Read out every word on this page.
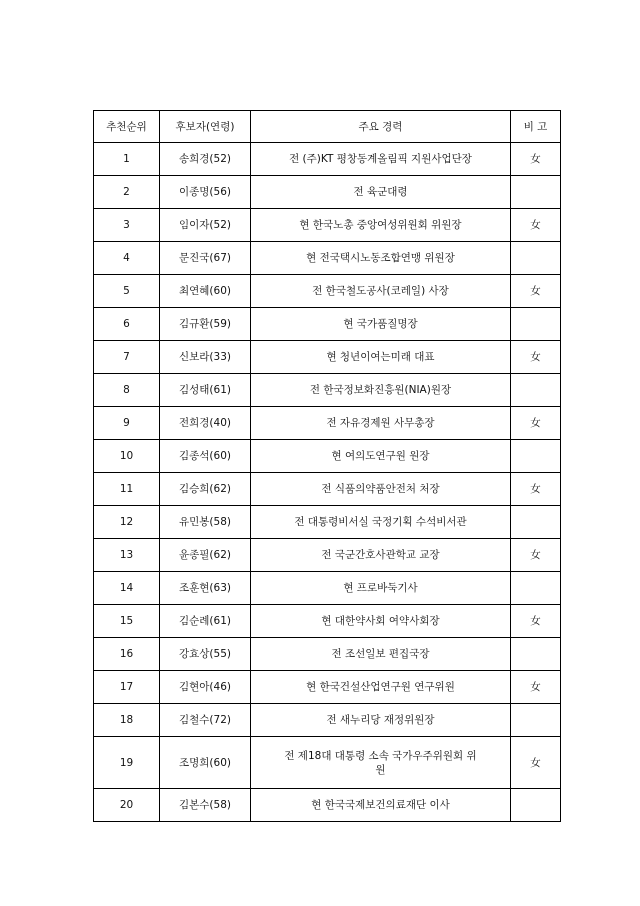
추천순위	후보자(연령)	주요 경력	비 고
1	송희경(52)	전 (주)KT 평창동계올림픽 지원사업단장	女
2	이종명(56)	전 육군대령	
3	임이자(52)	현 한국노총 중앙여성위원회 위원장	女
4	문진국(67)	현 전국택시노동조합연맹 위원장	
5	최연혜(60)	전 한국철도공사(코레일) 사장	女
6	김규환(59)	현 국가품질명장	
7	신보라(33)	현 청년이여는미래 대표	女
8	김성태(61)	전 한국정보화진흥원(NIA)원장	
9	전희경(40)	전 자유경제원 사무총장	女
10	김종석(60)	현 여의도연구원 원장	
11	김승희(62)	전 식품의약품안전처 처장	女
12	유민봉(58)	전 대통령비서실 국정기획 수석비서관	
13	윤종필(62)	전 국군간호사관학교 교장	女
14	조훈현(63)	현 프로바둑기사	
15	김순례(61)	현 대한약사회 여약사회장	女
16	강효상(55)	전 조선일보 편집국장	
17	김현아(46)	현 한국건설산업연구원 연구위원	女
18	김철수(72)	전 새누리당 재정위원장	
19	조명희(60)	전 제18대 대통령 소속 국가우주위원회 위원	女
20	김본수(58)	현 한국국제보건의료재단 이사	
